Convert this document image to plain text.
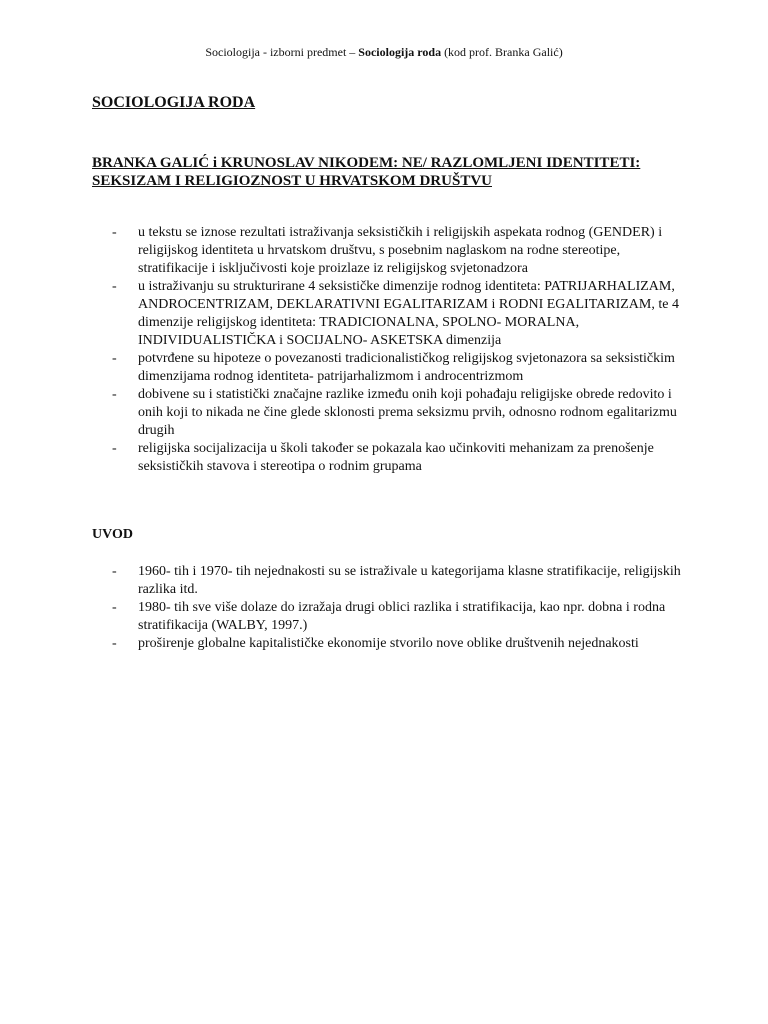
Sociologija - izborni predmet – Sociologija roda (kod prof. Branka Galić)
SOCIOLOGIJA RODA
BRANKA GALIĆ i KRUNOSLAV NIKODEM: NE/ RAZLOMLJENI IDENTITETI: SEKSIZAM I RELIGIOZNOST U HRVATSKOM DRUŠTVU
- u tekstu se iznose rezultati istraživanja seksističkih i religijskih aspekata rodnog (GENDER) i religijskog identiteta u hrvatskom društvu, s posebnim naglaskom na rodne stereotipe, stratifikacije i isključivosti koje proizlaze iz religijskog svjetonadzora
- u istraživanju su strukturirane 4 seksističke dimenzije rodnog identiteta: PATRIJARHALIZAM, ANDROCENTRIZAM, DEKLARATIVNI EGALITARIZAM i RODNI EGALITARIZAM, te 4 dimenzije religijskog identiteta: TRADICIONALNA, SPOLNO- MORALNA, INDIVIDUALISTIČKA i SOCIJALNO- ASKETSKA dimenzija
- potvrđene su hipoteze o povezanosti tradicionalističkog religijskog svjetonazora sa seksističkim dimenzijama rodnog identiteta- patrijarhalizmom i androcentrizmom
- dobivene su i statistički značajne razlike između onih koji pohađaju religijske obrede redovito i onih koji to nikada ne čine glede sklonosti prema seksizmu prvih, odnosno rodnom egalitarizmu drugih
- religijska socijalizacija u školi također se pokazala kao učinkoviti mehanizam za prenošenje seksističkih stavova i stereotipa o rodnim grupama
UVOD
- 1960- tih i 1970- tih nejednakosti su se istraživale u kategorijama klasne stratifikacije, religijskih razlika itd.
- 1980- tih sve više dolaze do izražaja drugi oblici razlika i stratifikacija, kao npr. dobna i rodna stratifikacija (WALBY, 1997.)
- proširenje globalne kapitalističke ekonomije stvorilo nove oblike društvenih nejednakosti
